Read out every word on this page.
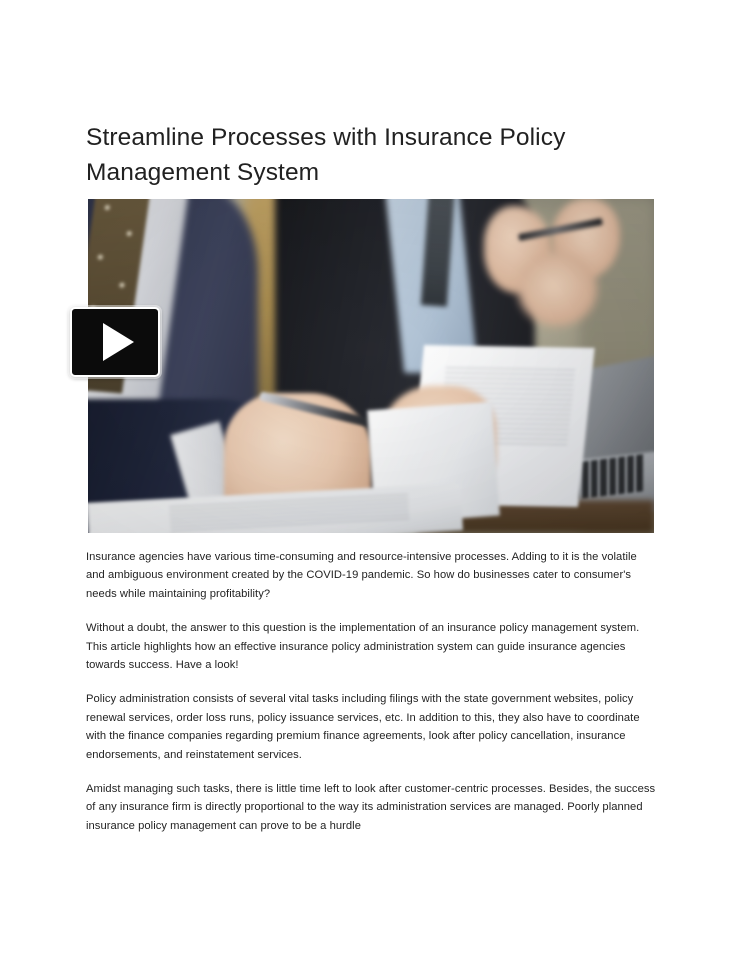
Streamline Processes with Insurance Policy Management System

Insurance agencies have various time-consuming and resource-intensive processes. Adding to it is the volatile and ambiguous environment created by the COVID-19 pandemic. So how do businesses cater to consumer's needs while maintaining profitability?

Without a doubt, the answer to this question is the implementation of an insurance policy management system. This article highlights how an effective insurance policy administration system can guide insurance agencies towards success. Have a look!

Policy administration consists of several vital tasks including filings with the state government websites, policy renewal services, order loss runs, policy issuance services, etc. In addition to this, they also have to coordinate with the finance companies regarding premium finance agreements, look after policy cancellation, insurance endorsements, and reinstatement services.

Amidst managing such tasks, there is little time left to look after customer-centric processes. Besides, the success of any insurance firm is directly proportional to the way its administration services are managed. Poorly planned insurance policy management can prove to be a hurdle
